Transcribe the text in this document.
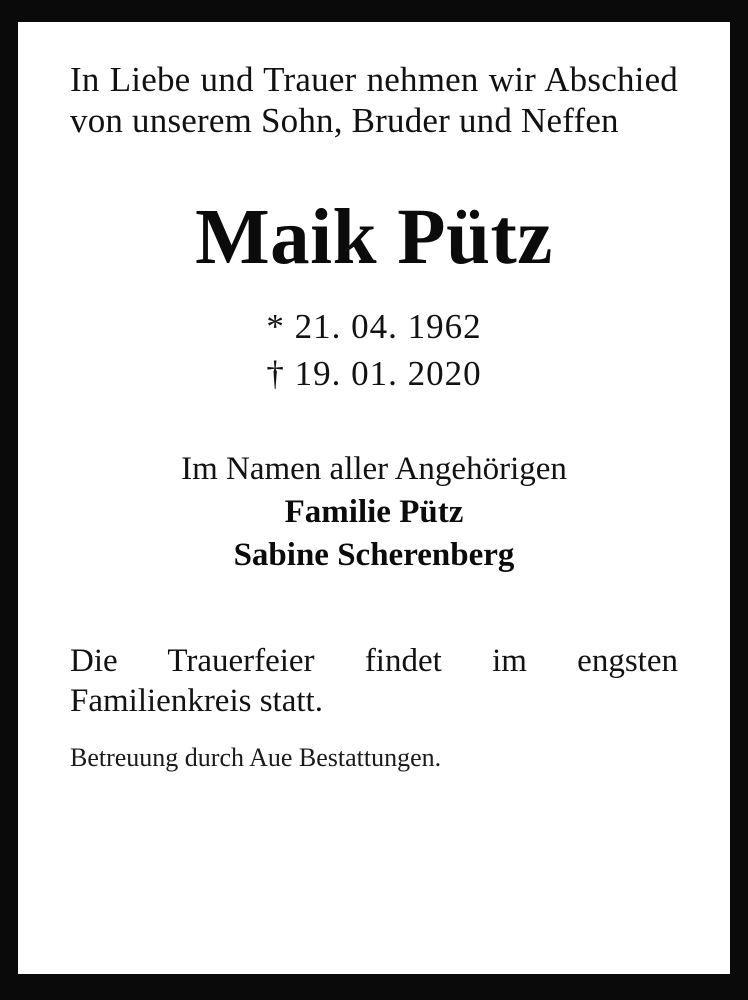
In Liebe und Trauer nehmen wir Abschied von unserem Sohn, Bruder und Neffen
Maik Pütz
* 21. 04. 1962
† 19. 01. 2020
Im Namen aller Angehörigen
Familie Pütz
Sabine Scherenberg
Die Trauerfeier findet im engsten Familienkreis statt.
Betreuung durch Aue Bestattungen.
